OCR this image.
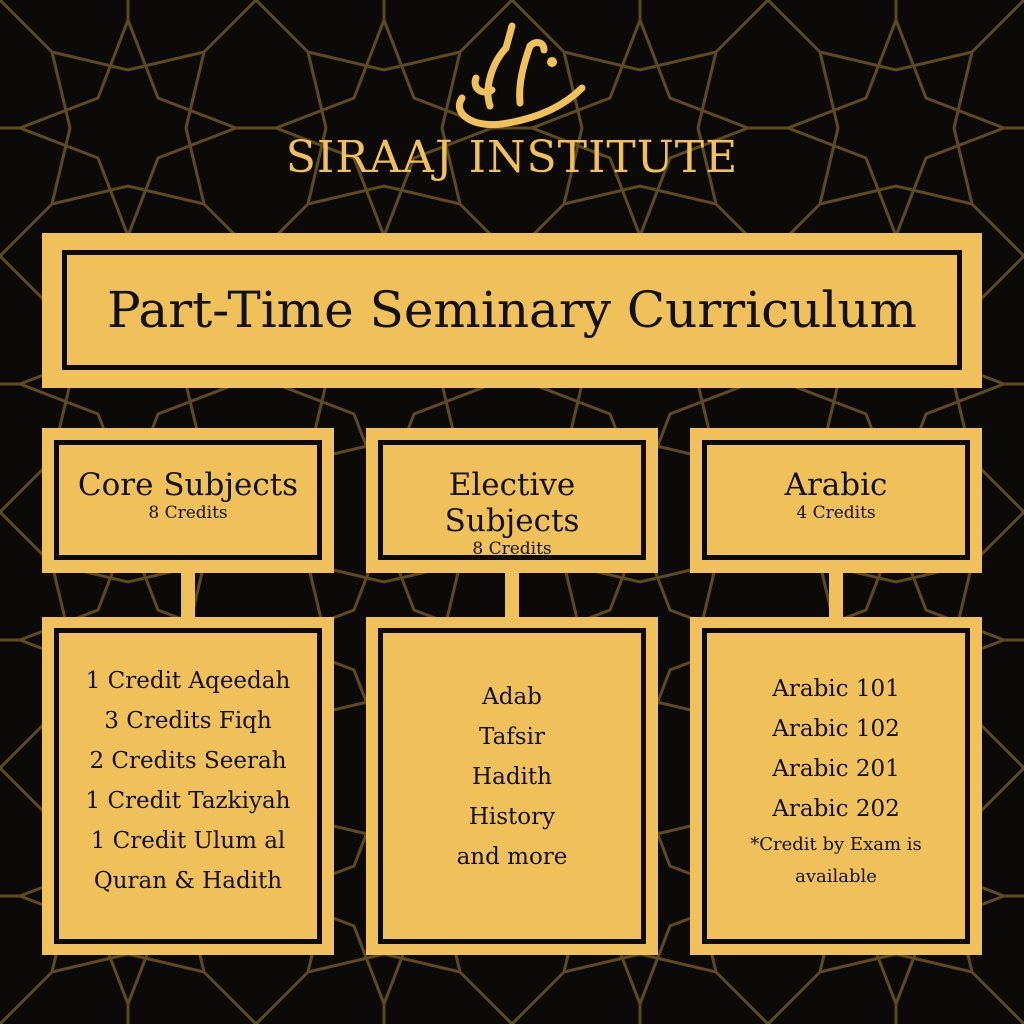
SIRAAJ INSTITUTE
Part-Time Seminary Curriculum
Core Subjects
8 Credits
1 Credit Aqeedah
3 Credits Fiqh
2 Credits Seerah
1 Credit Tazkiyah
1 Credit Ulum al
Quran & Hadith
Elective Subjects
8 Credits
Adab
Tafsir
Hadith
History
and more
Arabic
4 Credits
Arabic 101
Arabic 102
Arabic 201
Arabic 202
*Credit by Exam is
available
